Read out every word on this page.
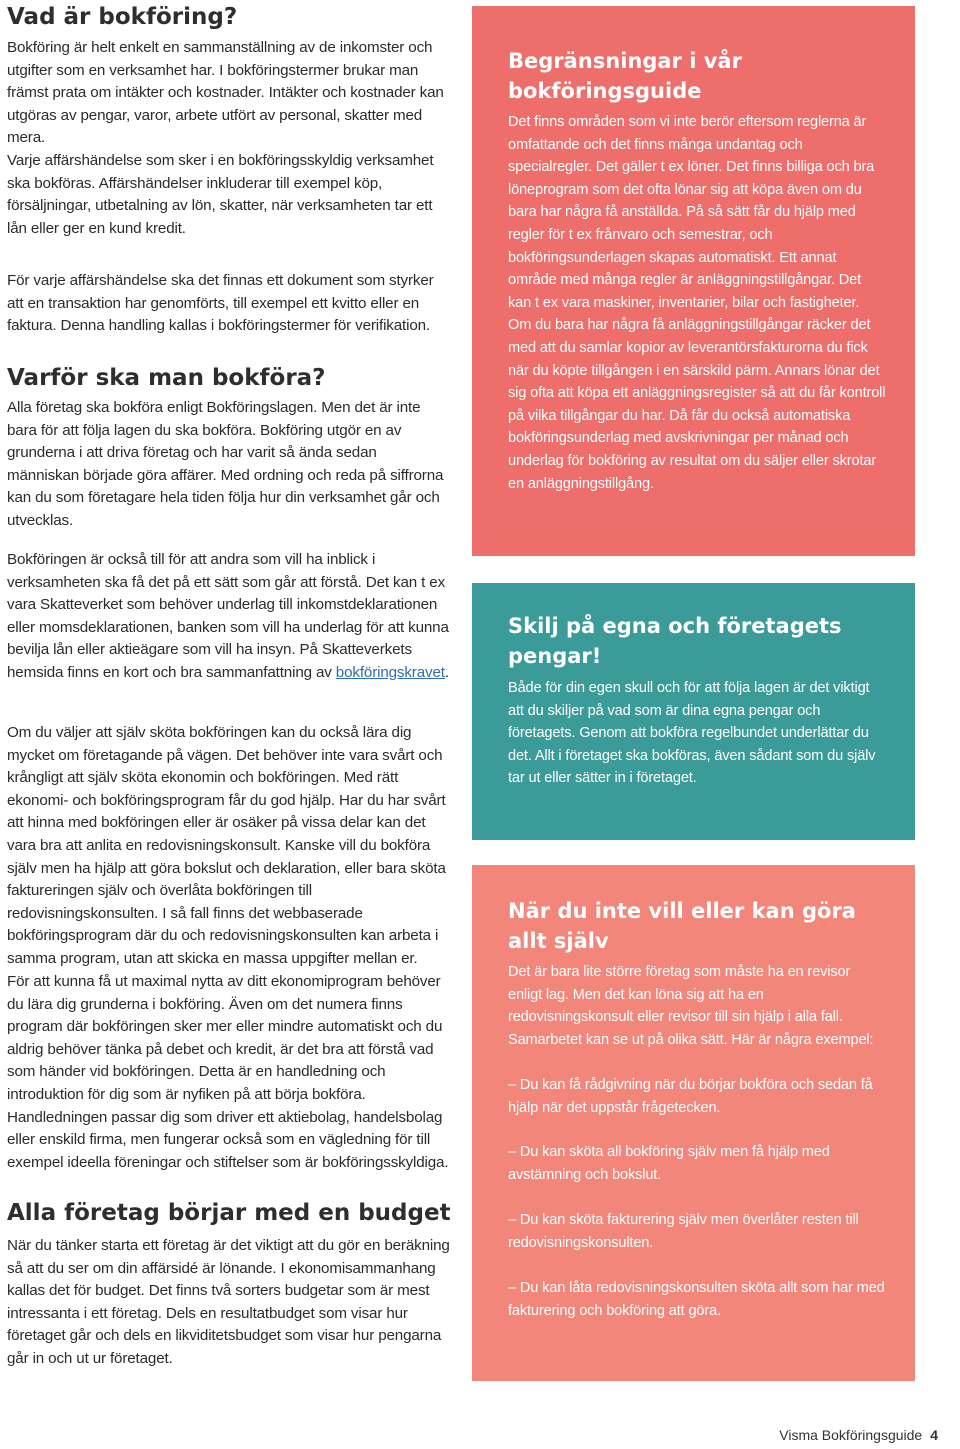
Vad är bokföring?

Bokföring är helt enkelt en sammanställning av de inkomster och utgifter som en verksamhet har. I bokföringstermer brukar man främst prata om intäkter och kostnader. Intäkter och kostnader kan utgöras av pengar, varor, arbete utfört av personal, skatter med mera.

Varje affärshändelse som sker i en bokföringsskyldig verksamhet ska bokföras. Affärshändelser inkluderar till exempel köp, försäljningar, utbetalning av lön, skatter, när verksamheten tar ett lån eller ger en kund kredit.

För varje affärshändelse ska det finnas ett dokument som styrker att en transaktion har genomförts, till exempel ett kvitto eller en faktura. Denna handling kallas i bokföringstermer för verifikation.

Varför ska man bokföra?

Alla företag ska bokföra enligt Bokföringslagen. Men det är inte bara för att följa lagen du ska bokföra. Bokföring utgör en av grunderna i att driva företag och har varit så ända sedan människan började göra affärer. Med ordning och reda på siffrorna kan du som företagare hela tiden följa hur din verksamhet går och utvecklas.

Bokföringen är också till för att andra som vill ha inblick i verksamheten ska få det på ett sätt som går att förstå. Det kan t ex vara Skatteverket som behöver underlag till inkomstdeklarationen eller momsdeklarationen, banken som vill ha underlag för att kunna bevilja lån eller aktieägare som vill ha insyn. På Skatteverkets hemsida finns en kort och bra sammanfattning av bokföringskravet.

Om du väljer att själv sköta bokföringen kan du också lära dig mycket om företagande på vägen. Det behöver inte vara svårt och krångligt att själv sköta ekonomin och bokföringen. Med rätt ekonomi- och bokföringsprogram får du god hjälp. Har du har svårt att hinna med bokföringen eller är osäker på vissa delar kan det vara bra att anlita en redovisningskonsult. Kanske vill du bokföra själv men ha hjälp att göra bokslut och deklaration, eller bara sköta faktureringen själv och överlåta bokföringen till redovisningskonsulten. I så fall finns det webbaserade bokföringsprogram där du och redovisningskonsulten kan arbeta i samma program, utan att skicka en massa uppgifter mellan er.

För att kunna få ut maximal nytta av ditt ekonomiprogram behöver du lära dig grunderna i bokföring. Även om det numera finns program där bokföringen sker mer eller mindre automatiskt och du aldrig behöver tänka på debet och kredit, är det bra att förstå vad som händer vid bokföringen. Detta är en handledning och introduktion för dig som är nyfiken på att börja bokföra. Handledningen passar dig som driver ett aktiebolag, handelsbolag eller enskild firma, men fungerar också som en vägledning för till exempel ideella föreningar och stiftelser som är bokföringsskyldiga.

Alla företag börjar med en budget

När du tänker starta ett företag är det viktigt att du gör en beräkning så att du ser om din affärsidé är lönande. I ekonomisammanhang kallas det för budget. Det finns två sorters budgetar som är mest intressanta i ett företag. Dels en resultatbudget som visar hur företaget går och dels en likviditetsbudget som visar hur pengarna går in och ut ur företaget.

Begränsningar i vår bokföringsguide

Det finns områden som vi inte berör eftersom reglerna är omfattande och det finns många undantag och specialregler. Det gäller t ex löner. Det finns billiga och bra löneprogram som det ofta lönar sig att köpa även om du bara har några få anställda. På så sätt får du hjälp med regler för t ex frånvaro och semestrar, och bokföringsunderlagen skapas automatiskt. Ett annat område med många regler är anläggningstillgångar. Det kan t ex vara maskiner, inventarier, bilar och fastigheter. Om du bara har några få anläggningstillgångar räcker det med att du samlar kopior av leverantörsfakturorna du fick när du köpte tillgången i en särskild pärm. Annars lönar det sig ofta att köpa ett anläggningsregister så att du får kontroll på vilka tillgångar du har. Då får du också automatiska bokföringsunderlag med avskrivningar per månad och underlag för bokföring av resultat om du säljer eller skrotar en anläggningstillgång.

Skilj på egna och företagets pengar!

Både för din egen skull och för att följa lagen är det viktigt att du skiljer på vad som är dina egna pengar och företagets. Genom att bokföra regelbundet underlättar du det. Allt i företaget ska bokföras, även sådant som du själv tar ut eller sätter in i företaget.

När du inte vill eller kan göra allt själv

Det är bara lite större företag som måste ha en revisor enligt lag. Men det kan löna sig att ha en redovisningskonsult eller revisor till sin hjälp i alla fall. Samarbetet kan se ut på olika sätt. Här är några exempel:

– Du kan få rådgivning när du börjar bokföra och sedan få hjälp när det uppstår frågetecken.

– Du kan sköta all bokföring själv men få hjälp med avstämning och bokslut.

– Du kan sköta fakturering själv men överlåter resten till redovisningskonsulten.

– Du kan låta redovisningskonsulten sköta allt som har med fakturering och bokföring att göra.

Visma Bokföringsguide 4
